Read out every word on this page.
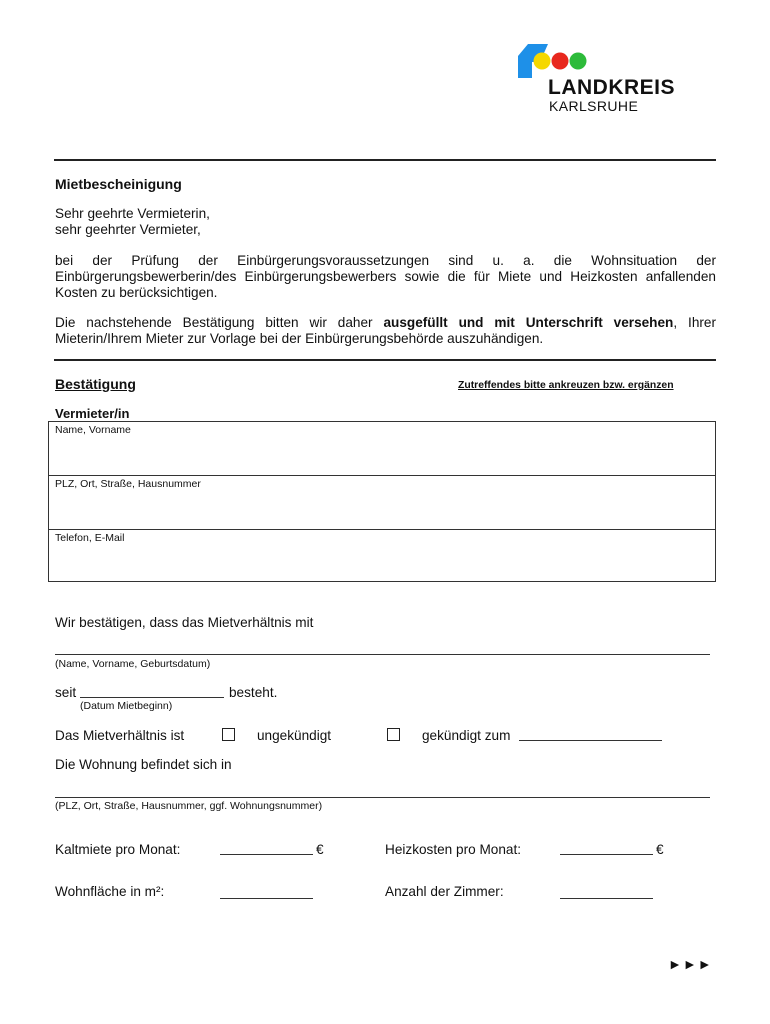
LANDKREIS
KARLSRUHE
Mietbescheinigung
Sehr geehrte Vermieterin,
sehr geehrter Vermieter,
bei der Prüfung der Einbürgerungsvoraussetzungen sind u. a. die Wohnsituation der
Einbürgerungsbewerberin/des Einbürgerungsbewerbers sowie die für Miete und Heizkosten anfallenden
Kosten zu berücksichtigen.
Die nachstehende Bestätigung bitten wir daher ausgefüllt und mit Unterschrift versehen, Ihrer
Mieterin/Ihrem Mieter zur Vorlage bei der Einbürgerungsbehörde auszuhändigen.
Bestätigung	Zutreffendes bitte ankreuzen bzw. ergänzen
Vermieter/in
Name, Vorname
PLZ, Ort, Straße, Hausnummer
Telefon, E-Mail
Wir bestätigen, dass das Mietverhältnis mit
(Name, Vorname, Geburtsdatum)
seit	besteht.
(Datum Mietbeginn)
Das Mietverhältnis ist	ungekündigt	gekündigt zum
Die Wohnung befindet sich in
(PLZ, Ort, Straße, Hausnummer, ggf. Wohnungsnummer)
Kaltmiete pro Monat:	€	Heizkosten pro Monat:	€
Wohnfläche in m²:	Anzahl der Zimmer:
►►►
